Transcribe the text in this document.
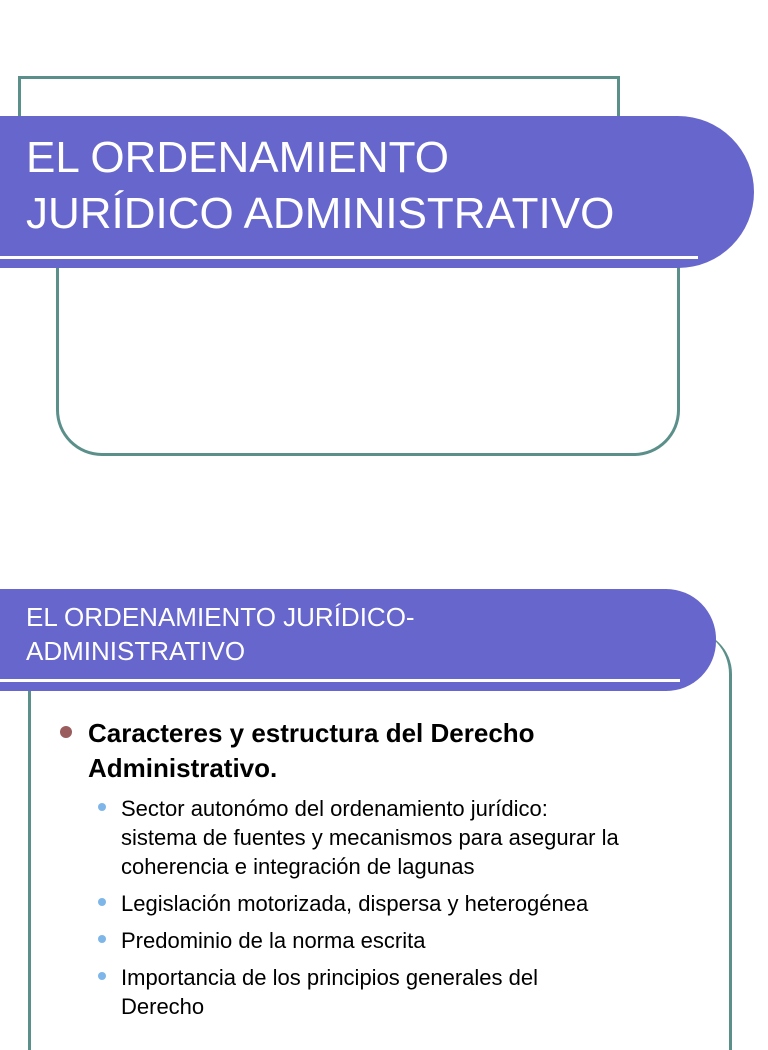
EL ORDENAMIENTO
JURÍDICO ADMINISTRATIVO
EL ORDENAMIENTO JURÍDICO-
ADMINISTRATIVO
Caracteres y estructura del Derecho
Administrativo.
Sector autonómo del ordenamiento jurídico:
sistema de fuentes y mecanismos para asegurar la
coherencia e integración de lagunas
Legislación motorizada, dispersa y heterogénea
Predominio de la norma escrita
Importancia de los principios generales del
Derecho
